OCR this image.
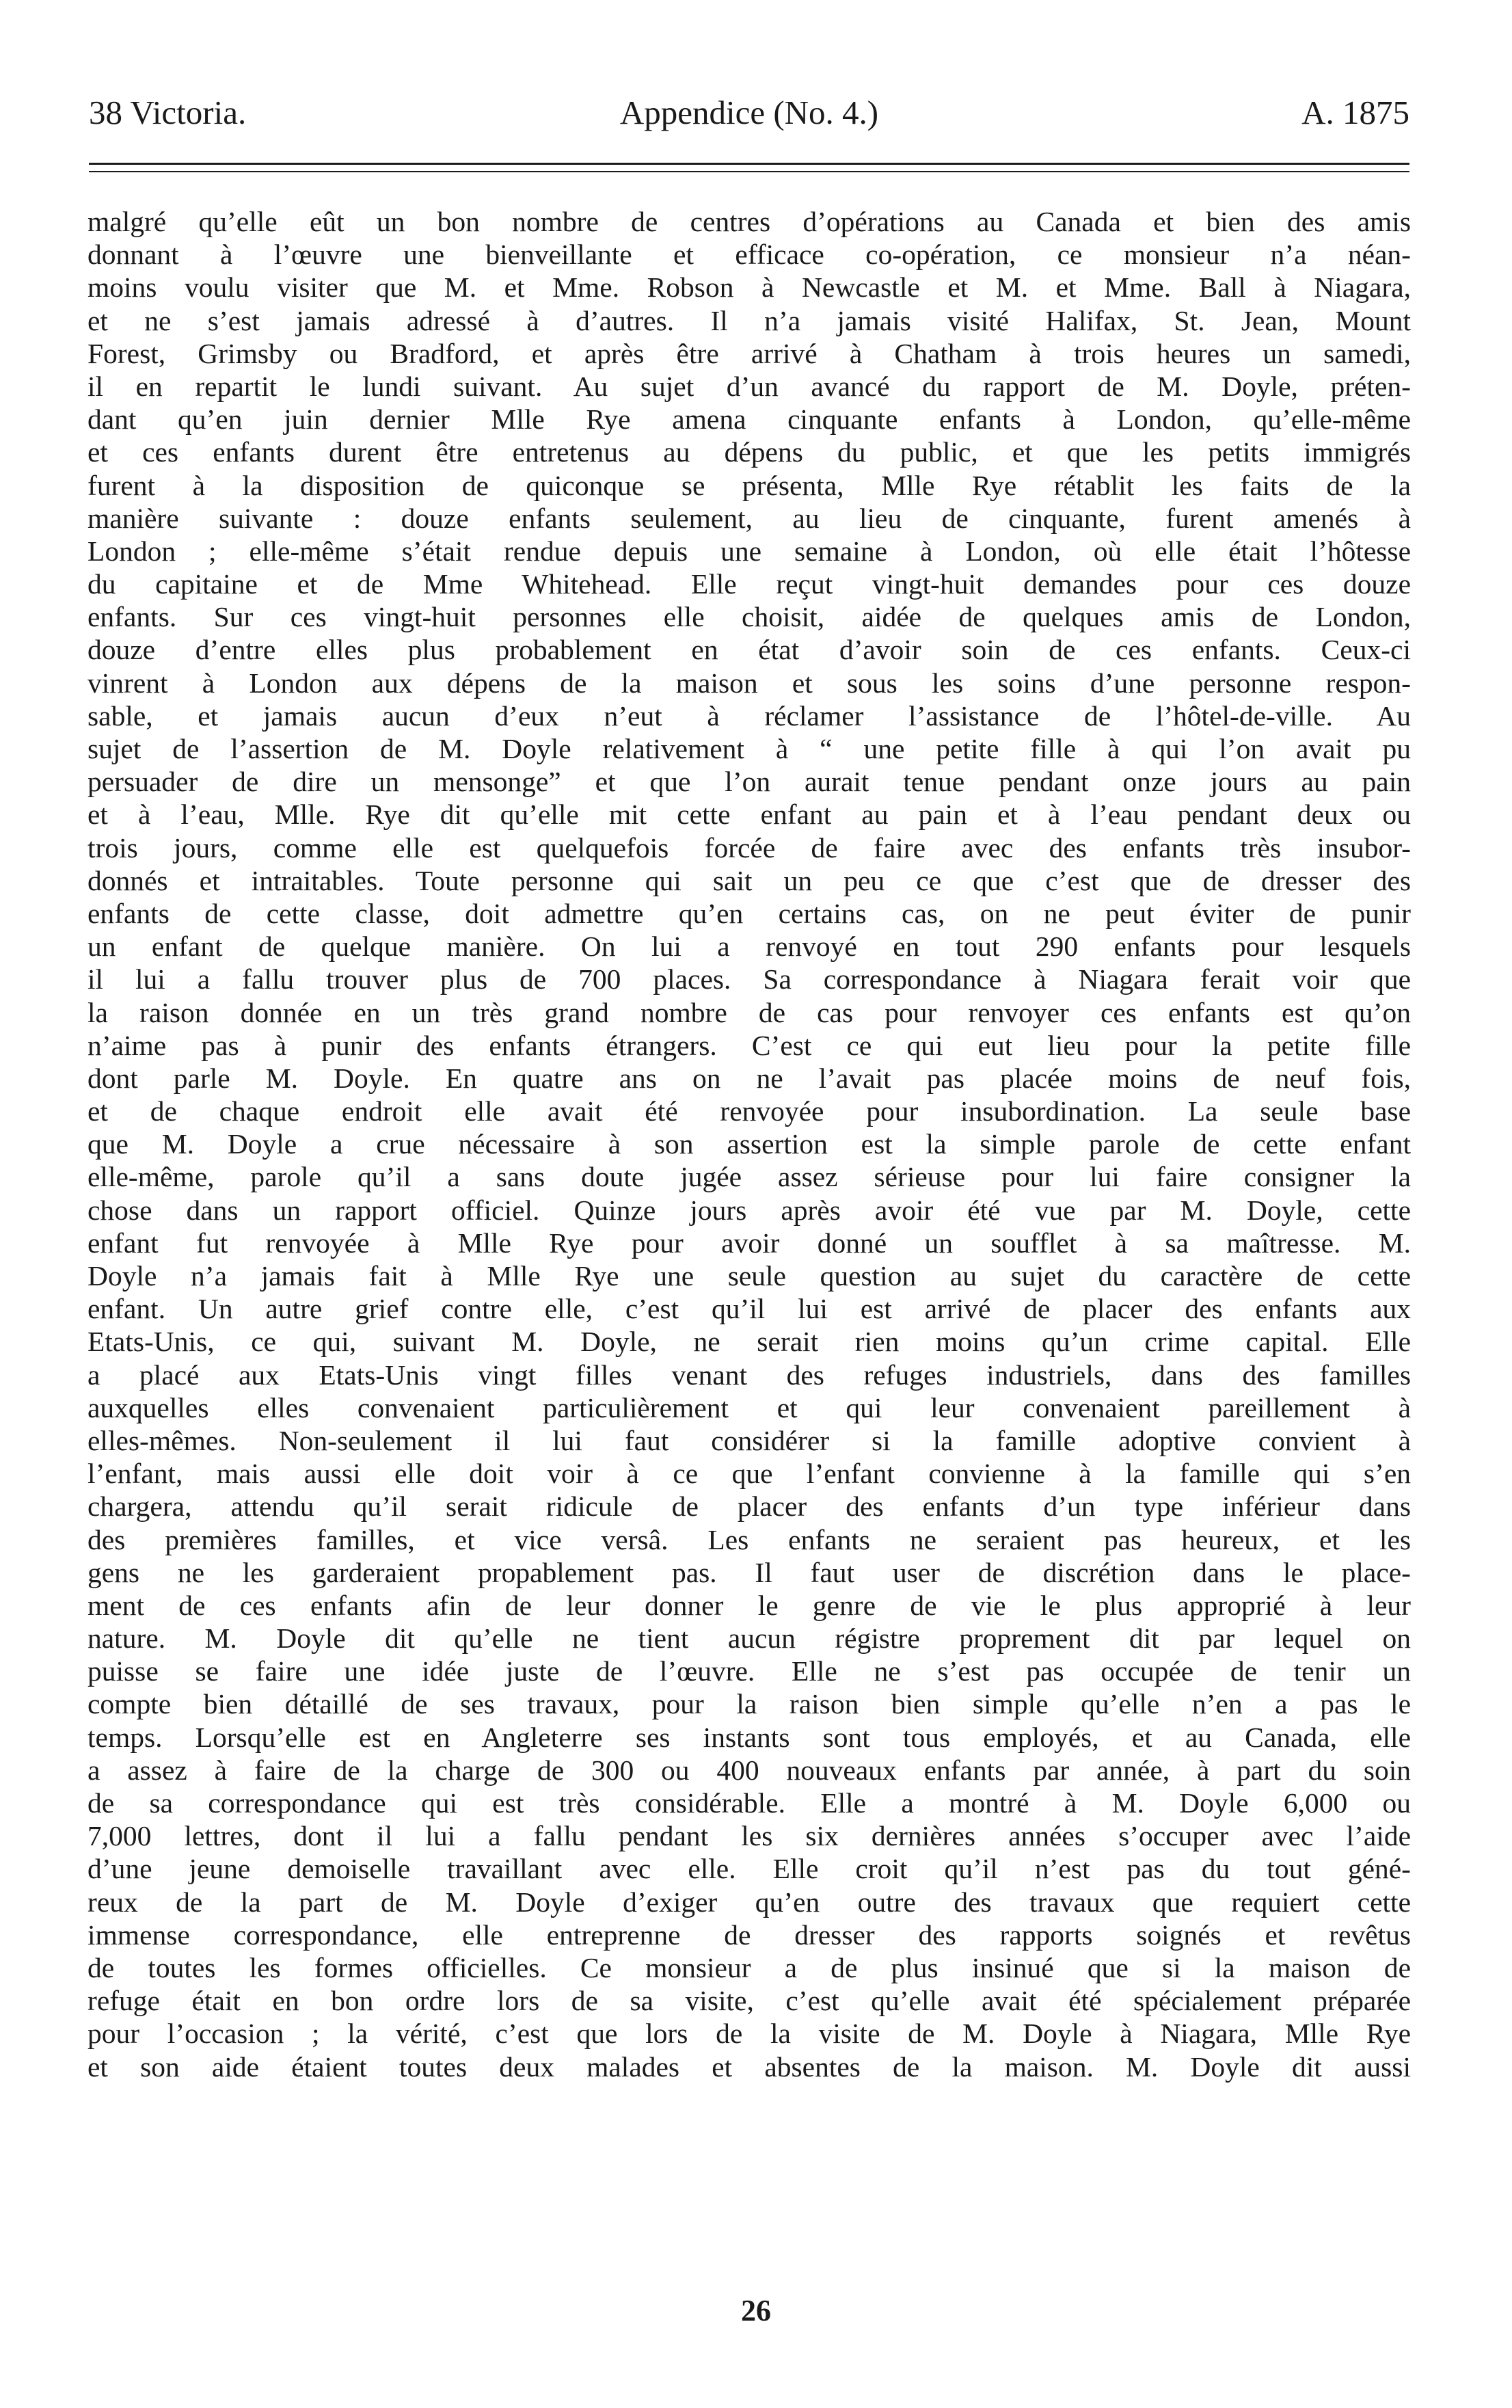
38 Victoria.	Appendice (No. 4.)	A. 1875
malgré qu’elle eût un bon nombre de centres d’opérations au Canada et bien des amis
donnant à l’œuvre une bienveillante et efficace co-opération, ce monsieur n’a néan-
moins voulu visiter que M. et Mme. Robson à Newcastle et M. et Mme. Ball à Niagara,
et ne s’est jamais adressé à d’autres. Il n’a jamais visité Halifax, St. Jean, Mount
Forest, Grimsby ou Bradford, et après être arrivé à Chatham à trois heures un samedi,
il en repartit le lundi suivant. Au sujet d’un avancé du rapport de M. Doyle, préten-
dant qu’en juin dernier Mlle Rye amena cinquante enfants à London, qu’elle-même
et ces enfants durent être entretenus au dépens du public, et que les petits immigrés
furent à la disposition de quiconque se présenta, Mlle Rye rétablit les faits de la
manière suivante : douze enfants seulement, au lieu de cinquante, furent amenés à
London ; elle-même s’était rendue depuis une semaine à London, où elle était l’hôtesse
du capitaine et de Mme Whitehead. Elle reçut vingt-huit demandes pour ces douze
enfants. Sur ces vingt-huit personnes elle choisit, aidée de quelques amis de London,
douze d’entre elles plus probablement en état d’avoir soin de ces enfants. Ceux-ci
vinrent à London aux dépens de la maison et sous les soins d’une personne respon-
sable, et jamais aucun d’eux n’eut à réclamer l’assistance de l’hôtel-de-ville. Au
sujet de l’assertion de M. Doyle relativement à “ une petite fille à qui l’on avait pu
persuader de dire un mensonge” et que l’on aurait tenue pendant onze jours au pain
et à l’eau, Mlle. Rye dit qu’elle mit cette enfant au pain et à l’eau pendant deux ou
trois jours, comme elle est quelquefois forcée de faire avec des enfants très insubor-
donnés et intraitables. Toute personne qui sait un peu ce que c’est que de dresser des
enfants de cette classe, doit admettre qu’en certains cas, on ne peut éviter de punir
un enfant de quelque manière. On lui a renvoyé en tout 290 enfants pour lesquels
il lui a fallu trouver plus de 700 places. Sa correspondance à Niagara ferait voir que
la raison donnée en un très grand nombre de cas pour renvoyer ces enfants est qu’on
n’aime pas à punir des enfants étrangers. C’est ce qui eut lieu pour la petite fille
dont parle M. Doyle. En quatre ans on ne l’avait pas placée moins de neuf fois,
et de chaque endroit elle avait été renvoyée pour insubordination. La seule base
que M. Doyle a crue nécessaire à son assertion est la simple parole de cette enfant
elle-même, parole qu’il a sans doute jugée assez sérieuse pour lui faire consigner la
chose dans un rapport officiel. Quinze jours après avoir été vue par M. Doyle, cette
enfant fut renvoyée à Mlle Rye pour avoir donné un soufflet à sa maîtresse. M.
Doyle n’a jamais fait à Mlle Rye une seule question au sujet du caractère de cette
enfant. Un autre grief contre elle, c’est qu’il lui est arrivé de placer des enfants aux
Etats-Unis, ce qui, suivant M. Doyle, ne serait rien moins qu’un crime capital. Elle
a placé aux Etats-Unis vingt filles venant des refuges industriels, dans des familles
auxquelles elles convenaient particulièrement et qui leur convenaient pareillement à
elles-mêmes. Non-seulement il lui faut considérer si la famille adoptive convient à
l’enfant, mais aussi elle doit voir à ce que l’enfant convienne à la famille qui s’en
chargera, attendu qu’il serait ridicule de placer des enfants d’un type inférieur dans
des premières familles, et vice versâ. Les enfants ne seraient pas heureux, et les
gens ne les garderaient propablement pas. Il faut user de discrétion dans le place-
ment de ces enfants afin de leur donner le genre de vie le plus approprié à leur
nature. M. Doyle dit qu’elle ne tient aucun régistre proprement dit par lequel on
puisse se faire une idée juste de l’œuvre. Elle ne s’est pas occupée de tenir un
compte bien détaillé de ses travaux, pour la raison bien simple qu’elle n’en a pas le
temps. Lorsqu’elle est en Angleterre ses instants sont tous employés, et au Canada, elle
a assez à faire de la charge de 300 ou 400 nouveaux enfants par année, à part du soin
de sa correspondance qui est très considérable. Elle a montré à M. Doyle 6,000 ou
7,000 lettres, dont il lui a fallu pendant les six dernières années s’occuper avec l’aide
d’une jeune demoiselle travaillant avec elle. Elle croit qu’il n’est pas du tout géné-
reux de la part de M. Doyle d’exiger qu’en outre des travaux que requiert cette
immense correspondance, elle entreprenne de dresser des rapports soignés et revêtus
de toutes les formes officielles. Ce monsieur a de plus insinué que si la maison de
refuge était en bon ordre lors de sa visite, c’est qu’elle avait été spécialement préparée
pour l’occasion ; la vérité, c’est que lors de la visite de M. Doyle à Niagara, Mlle Rye
et son aide étaient toutes deux malades et absentes de la maison. M. Doyle dit aussi
26
